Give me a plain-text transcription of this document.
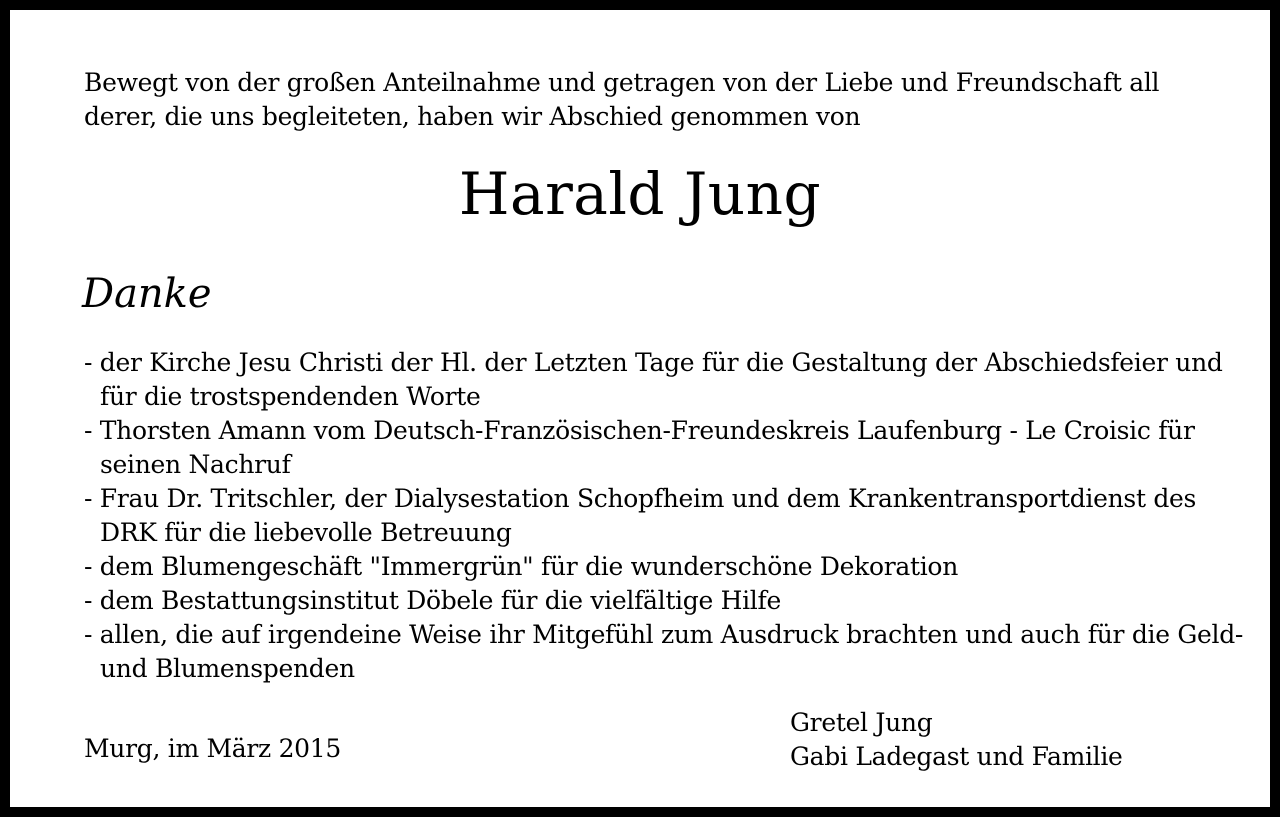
Bewegt von der großen Anteilnahme und getragen von der Liebe und Freundschaft all derer, die uns begleiteten, haben wir Abschied genommen von
Harald Jung
Danke
- der Kirche Jesu Christi der Hl. der Letzten Tage für die Gestaltung der Abschiedsfeier und für die trostspendenden Worte
- Thorsten Amann vom Deutsch-Französischen-Freundeskreis Laufenburg - Le Croisic für seinen Nachruf
- Frau Dr. Tritschler, der Dialysestation Schopfheim und dem Krankentransportdienst des DRK für die liebevolle Betreuung
- dem Blumengeschäft "Immergrün" für die wunderschöne Dekoration
- dem Bestattungsinstitut Döbele für die vielfältige Hilfe
- allen, die auf irgendeine Weise ihr Mitgefühl zum Ausdruck brachten und auch für die Geld- und Blumenspenden
Murg, im März 2015
Gretel Jung
Gabi Ladegast und Familie
